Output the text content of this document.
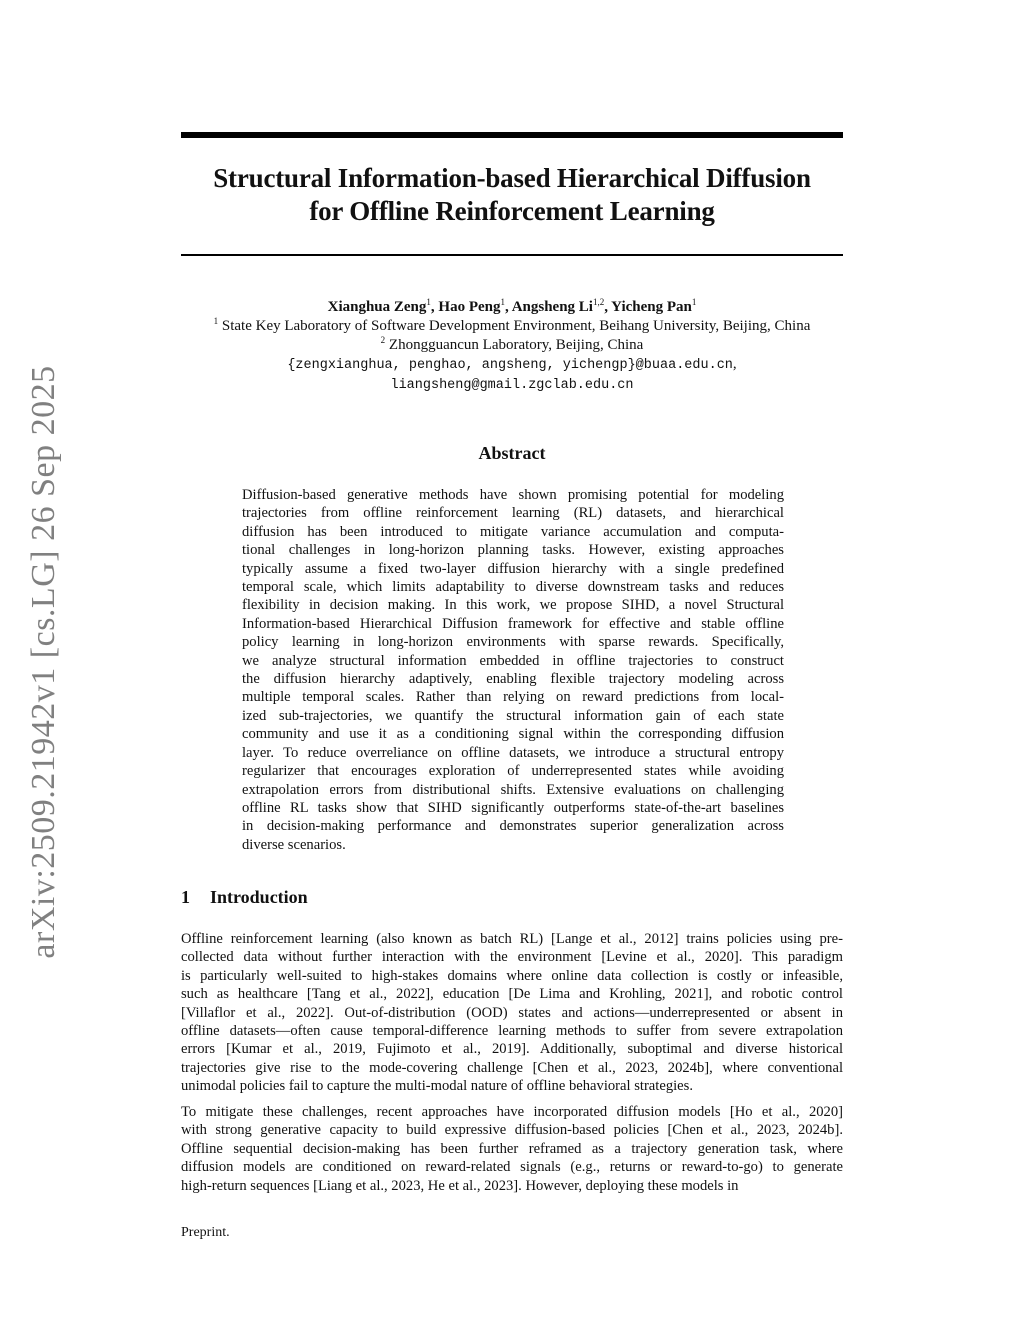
arXiv:2509.21942v1 [cs.LG] 26 Sep 2025
Structural Information-based Hierarchical Diffusion
for Offline Reinforcement Learning
Xianghua Zeng$^1$, Hao Peng$^1$, Angsheng Li$^{1,2}$, Yicheng Pan$^1$
$^1$ State Key Laboratory of Software Development Environment, Beihang University, Beijing, China
$^2$ Zhongguancun Laboratory, Beijing, China
{zengxianghua, penghao, angsheng, yichengp}@buaa.edu.cn,
liangsheng@gmail.zgclab.edu.cn
Abstract
Diffusion-based generative methods have shown promising potential for modeling
trajectories from offline reinforcement learning (RL) datasets, and hierarchical
diffusion has been introduced to mitigate variance accumulation and computa-
tional challenges in long-horizon planning tasks. However, existing approaches
typically assume a fixed two-layer diffusion hierarchy with a single predefined
temporal scale, which limits adaptability to diverse downstream tasks and reduces
flexibility in decision making. In this work, we propose SIHD, a novel Structural
Information-based Hierarchical Diffusion framework for effective and stable offline
policy learning in long-horizon environments with sparse rewards. Specifically,
we analyze structural information embedded in offline trajectories to construct
the diffusion hierarchy adaptively, enabling flexible trajectory modeling across
multiple temporal scales. Rather than relying on reward predictions from local-
ized sub-trajectories, we quantify the structural information gain of each state
community and use it as a conditioning signal within the corresponding diffusion
layer. To reduce overreliance on offline datasets, we introduce a structural entropy
regularizer that encourages exploration of underrepresented states while avoiding
extrapolation errors from distributional shifts. Extensive evaluations on challenging
offline RL tasks show that SIHD significantly outperforms state-of-the-art baselines
in decision-making performance and demonstrates superior generalization across
diverse scenarios.
1 Introduction
Offline reinforcement learning (also known as batch RL) [Lange et al., 2012] trains policies using pre-
collected data without further interaction with the environment [Levine et al., 2020]. This paradigm
is particularly well-suited to high-stakes domains where online data collection is costly or infeasible,
such as healthcare [Tang et al., 2022], education [De Lima and Krohling, 2021], and robotic control
[Villaflor et al., 2022]. Out-of-distribution (OOD) states and actions—underrepresented or absent in
offline datasets—often cause temporal-difference learning methods to suffer from severe extrapolation
errors [Kumar et al., 2019, Fujimoto et al., 2019]. Additionally, suboptimal and diverse historical
trajectories give rise to the mode-covering challenge [Chen et al., 2023, 2024b], where conventional
unimodal policies fail to capture the multi-modal nature of offline behavioral strategies.
To mitigate these challenges, recent approaches have incorporated diffusion models [Ho et al., 2020]
with strong generative capacity to build expressive diffusion-based policies [Chen et al., 2023, 2024b].
Offline sequential decision-making has been further reframed as a trajectory generation task, where
diffusion models are conditioned on reward-related signals (e.g., returns or reward-to-go) to generate
high-return sequences [Liang et al., 2023, He et al., 2023]. However, deploying these models in
Preprint.
